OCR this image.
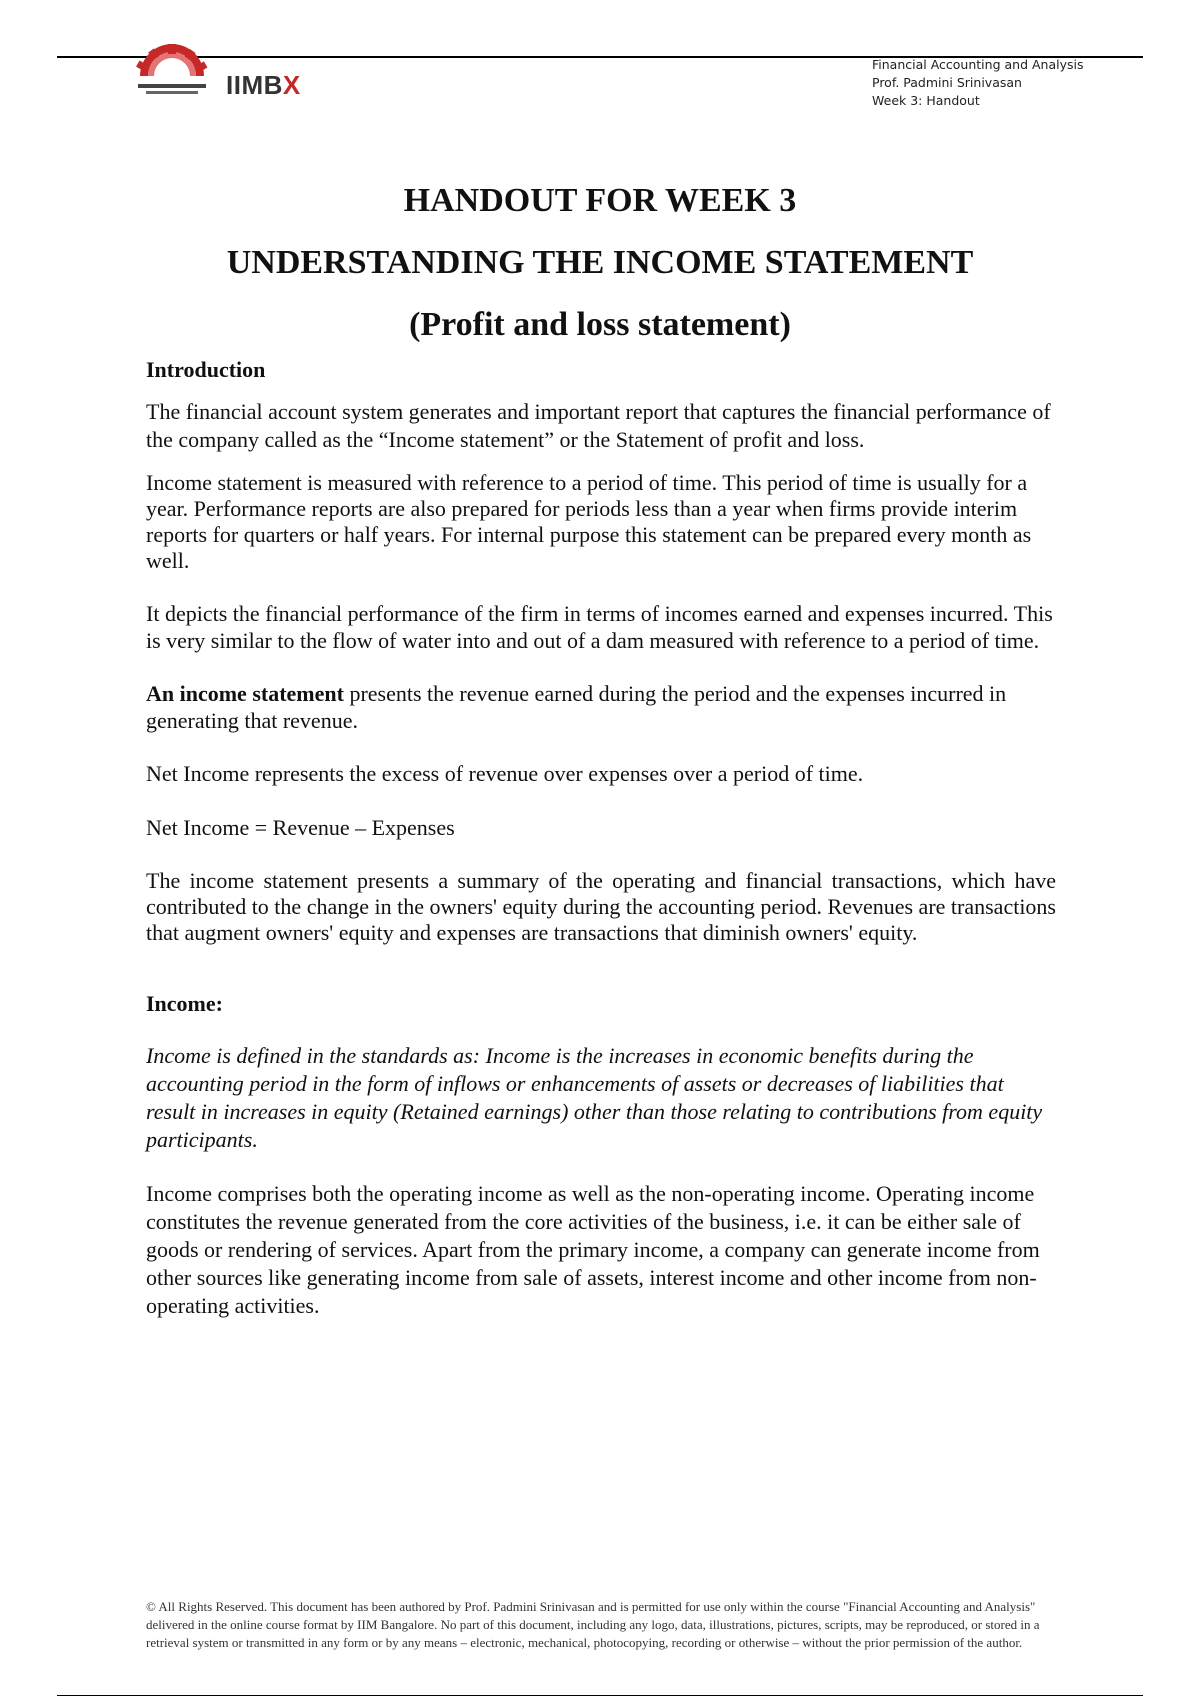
IIMB IIMBX
Financial Accounting and Analysis
Prof. Padmini Srinivasan
Week 3: Handout
HANDOUT FOR WEEK 3
UNDERSTANDING THE INCOME STATEMENT
(Profit and loss statement)

Introduction

The financial account system generates and important report that captures the financial performance of the company called as the “Income statement” or the Statement of profit and loss.

Income statement is measured with reference to a period of time. This period of time is usually for a year. Performance reports are also prepared for periods less than a year when firms provide interim reports for quarters or half years. For internal purpose this statement can be prepared every month as well.

It depicts the financial performance of the firm in terms of incomes earned and expenses incurred. This is very similar to the flow of water into and out of a dam measured with reference to a period of time.

An income statement presents the revenue earned during the period and the expenses incurred in generating that revenue.

Net Income represents the excess of revenue over expenses over a period of time.

Net Income = Revenue – Expenses

The income statement presents a summary of the operating and financial transactions, which have contributed to the change in the owners' equity during the accounting period. Revenues are transactions that augment owners' equity and expenses are transactions that diminish owners' equity.

Income:

Income is defined in the standards as: Income is the increases in economic benefits during the accounting period in the form of inflows or enhancements of assets or decreases of liabilities that result in increases in equity (Retained earnings) other than those relating to contributions from equity participants.

Income comprises both the operating income as well as the non-operating income. Operating income constitutes the revenue generated from the core activities of the business, i.e. it can be either sale of goods or rendering of services. Apart from the primary income, a company can generate income from other sources like generating income from sale of assets, interest income and other income from non-operating activities.

© All Rights Reserved. This document has been authored by Prof. Padmini Srinivasan and is permitted for use only within the course "Financial Accounting and Analysis" delivered in the online course format by IIM Bangalore. No part of this document, including any logo, data, illustrations, pictures, scripts, may be reproduced, or stored in a retrieval system or transmitted in any form or by any means – electronic, mechanical, photocopying, recording or otherwise – without the prior permission of the author.
